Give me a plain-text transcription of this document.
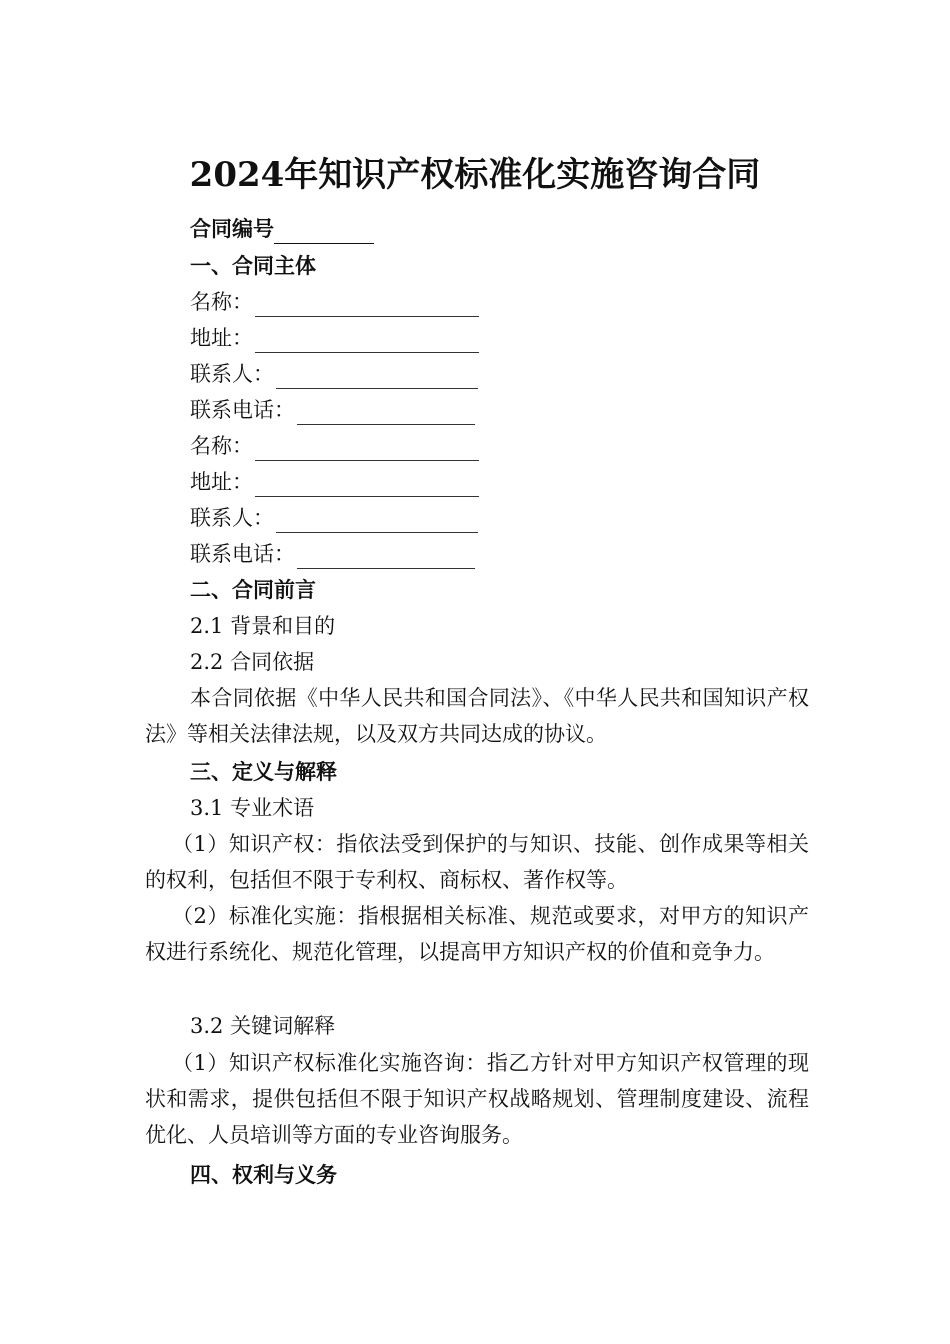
2024年知识产权标准化实施咨询合同
合同编号
一、合同主体
名称：
地址：
联系人：
联系电话：
名称：
地址：
联系人：
联系电话：
二、合同前言
2.1 背景和目的
2.2 合同依据
本合同依据《中华人民共和国合同法》、《中华人民共和国知识产权法》等相关法律法规，以及双方共同达成的协议。
三、定义与解释
3.1 专业术语
（1）知识产权：指依法受到保护的与知识、技能、创作成果等相关的权利，包括但不限于专利权、商标权、著作权等。
（2）标准化实施：指根据相关标准、规范或要求，对甲方的知识产权进行系统化、规范化管理，以提高甲方知识产权的价值和竞争力。
3.2 关键词解释
（1）知识产权标准化实施咨询：指乙方针对甲方知识产权管理的现状和需求，提供包括但不限于知识产权战略规划、管理制度建设、流程优化、人员培训等方面的专业咨询服务。
四、权利与义务
